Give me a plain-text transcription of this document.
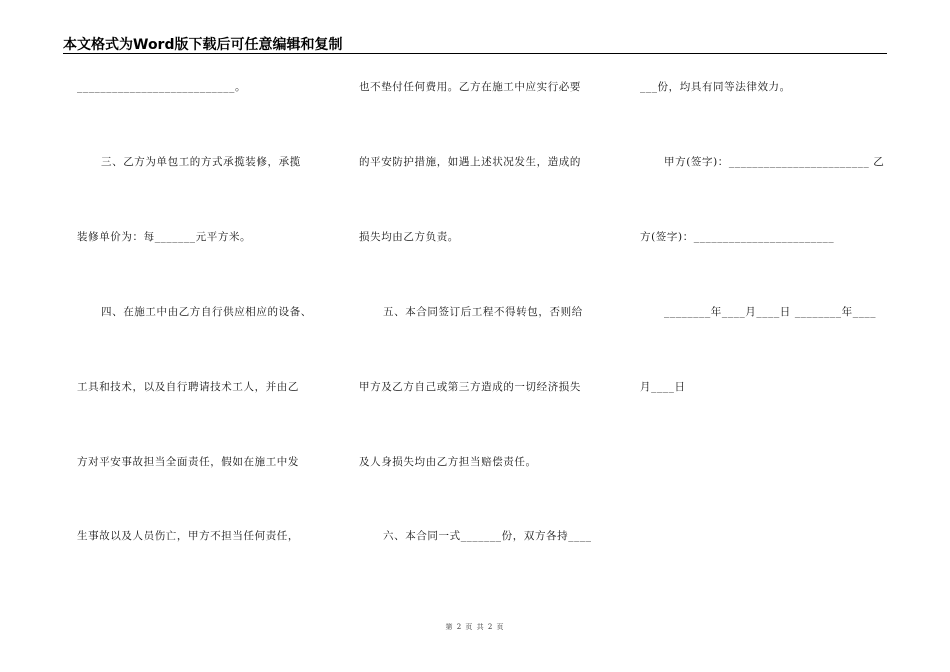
本文格式为Word版下载后可任意编辑和复制
___________________________。
三、乙方为单包工的方式承揽装修，承揽
装修单价为：每_______元平方米。
四、在施工中由乙方自行供应相应的设备、
工具和技术，以及自行聘请技术工人，并由乙
方对平安事故担当全面责任，假如在施工中发
生事故以及人员伤亡，甲方不担当任何责任，
也不垫付任何费用。乙方在施工中应实行必要
的平安防护措施，如遇上述状况发生，造成的
损失均由乙方负责。
五、本合同签订后工程不得转包，否则给
甲方及乙方自己或第三方造成的一切经济损失
及人身损失均由乙方担当赔偿责任。
六、本合同一式_______份，双方各持____
___份，均具有同等法律效力。
甲方(签字)：________________________ 乙
方(签字)：________________________
________年____月____日 ________年____
月____日
第 2 页 共 2 页
